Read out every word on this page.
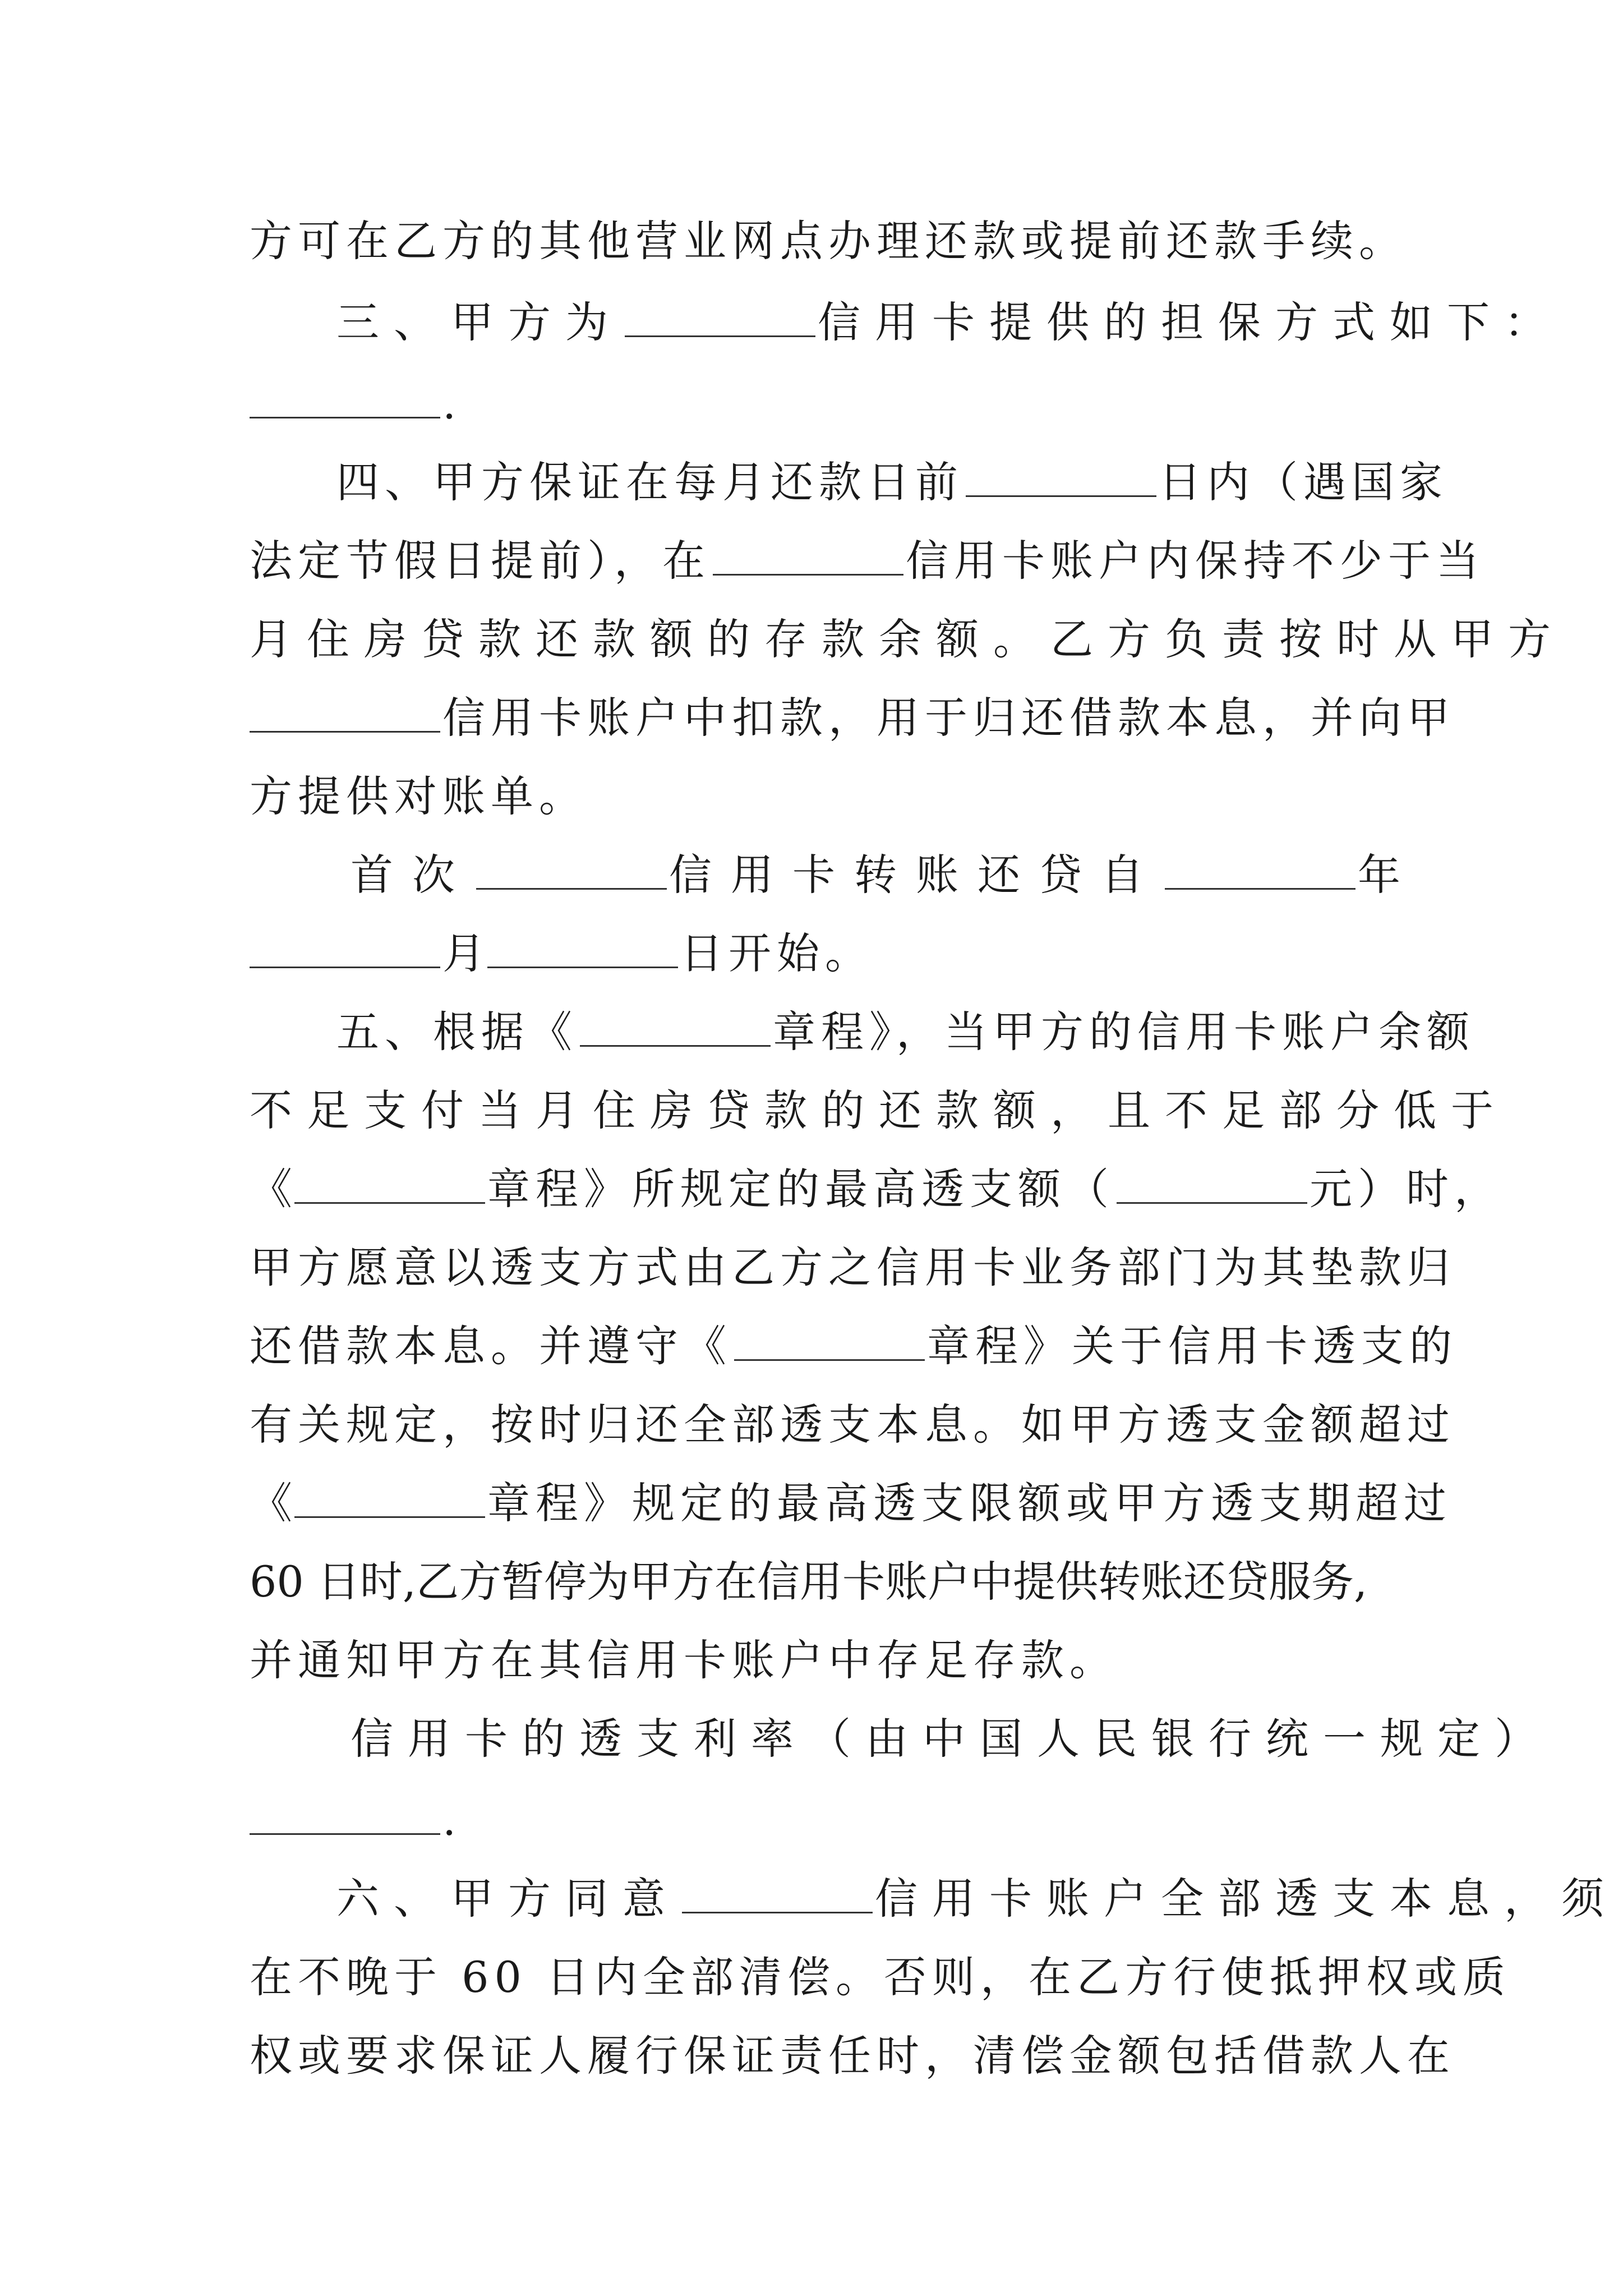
方可在乙方的其他营业网点办理还款或提前还款手续。
三、甲方为	信用卡提供的担保方式如下：
.
四、甲方保证在每月还款日前	日内（遇国家
法定节假日提前），在	信用卡账户内保持不少于当
月住房贷款还款额的存款余额。乙方负责按时从甲方
信用卡账户中扣款，用于归还借款本息，并向甲
方提供对账单。
首次	信用卡转账还贷自	年
月	日开始。
五、根据《	章程》，当甲方的信用卡账户余额
不足支付当月住房贷款的还款额，且不足部分低于
《	章程》所规定的最高透支额（	元）时，
甲方愿意以透支方式由乙方之信用卡业务部门为其垫款归
还借款本息。并遵守《	章程》关于信用卡透支的
有关规定，按时归还全部透支本息。如甲方透支金额超过
《	章程》规定的最高透支限额或甲方透支期超过
60 日时,乙方暂停为甲方在信用卡账户中提供转账还贷服务,
并通知甲方在其信用卡账户中存足存款。
信用卡的透支利率（由中国人民银行统一规定）
.
六、甲方同意	信用卡账户全部透支本息，须
在不晚于 60 日内全部清偿。否则，在乙方行使抵押权或质
权或要求保证人履行保证责任时，清偿金额包括借款人在
